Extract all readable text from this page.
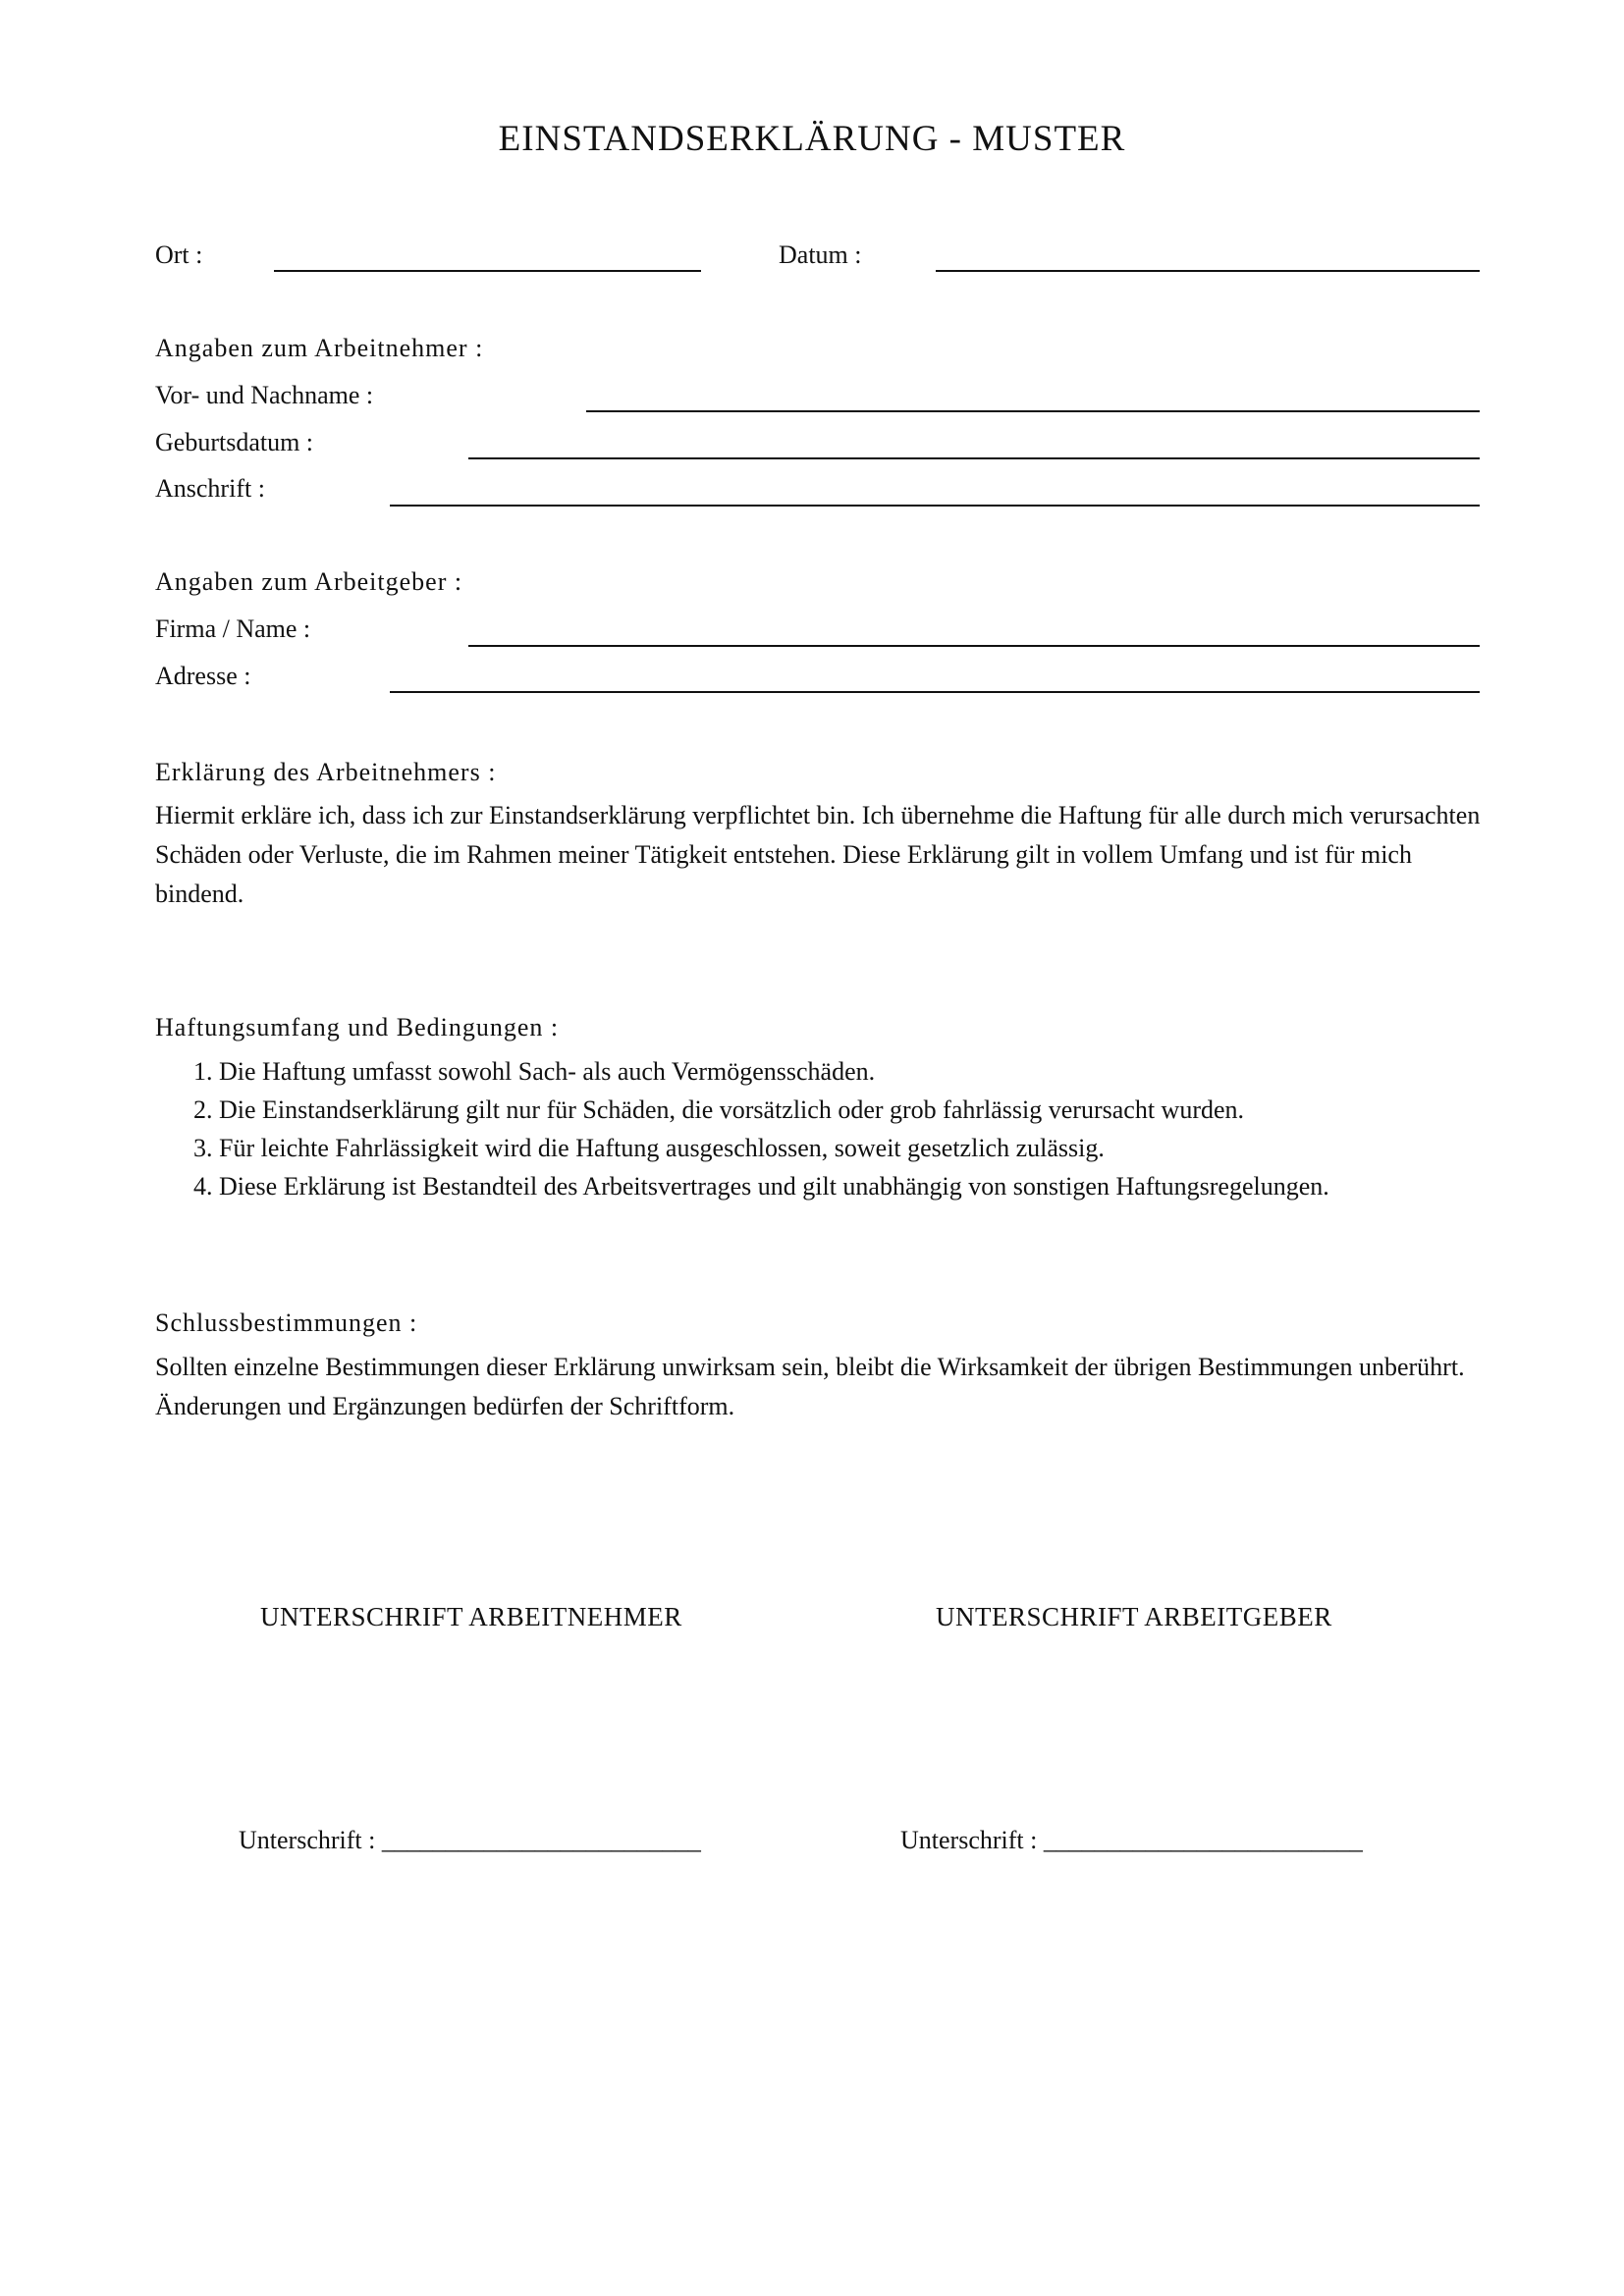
EINSTANDSERKLÄRUNG - MUSTER
Ort :	Datum :
Angaben zum Arbeitnehmer :
Vor- und Nachname :
Geburtsdatum :
Anschrift :
Angaben zum Arbeitgeber :
Firma / Name :
Adresse :
Erklärung des Arbeitnehmers :
Hiermit erkläre ich, dass ich zur Einstandserklärung verpflichtet bin. Ich übernehme die Haftung für alle durch mich verursachten Schäden oder Verluste, die im Rahmen meiner Tätigkeit entstehen. Diese Erklärung gilt in vollem Umfang und ist für mich bindend.
Haftungsumfang und Bedingungen :
1. Die Haftung umfasst sowohl Sach- als auch Vermögensschäden.
2. Die Einstandserklärung gilt nur für Schäden, die vorsätzlich oder grob fahrlässig verursacht wurden.
3. Für leichte Fahrlässigkeit wird die Haftung ausgeschlossen, soweit gesetzlich zulässig.
4. Diese Erklärung ist Bestandteil des Arbeitsvertrages und gilt unabhängig von sonstigen Haftungsregelungen.
Schlussbestimmungen :
Sollten einzelne Bestimmungen dieser Erklärung unwirksam sein, bleibt die Wirksamkeit der übrigen Bestimmungen unberührt. Änderungen und Ergänzungen bedürfen der Schriftform.
UNTERSCHRIFT ARBEITNEHMER	UNTERSCHRIFT ARBEITGEBER
Unterschrift : _________________________	Unterschrift : _________________________
